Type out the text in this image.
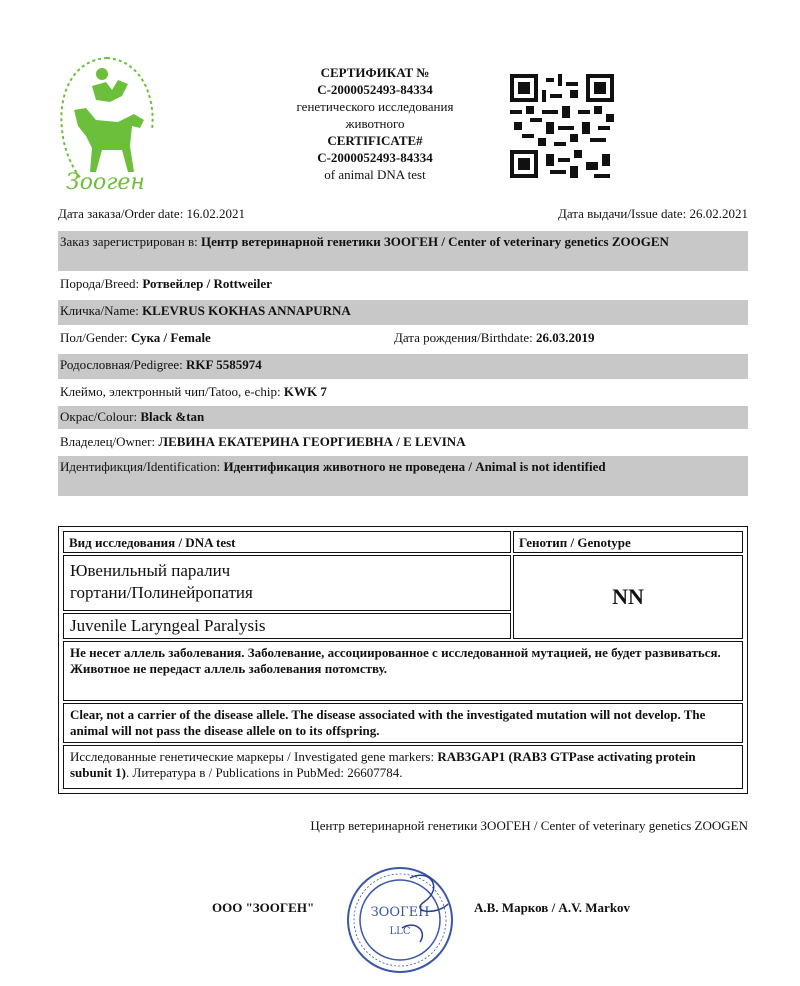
Зооген
СЕРТИФИКАТ №
С-2000052493-84334
генетического исследования
животного
CERTIFICATE#
С-2000052493-84334
of animal DNA test
Дата заказа/Order date: 16.02.2021	Дата выдачи/Issue date: 26.02.2021
Заказ зарегистрирован в: Центр ветеринарной генетики ЗООГЕН / Center of veterinary genetics ZOOGEN
Порода/Breed: Ротвейлер / Rottweiler
Кличка/Name: KLEVRUS KOKHAS ANNAPURNA
Пол/Gender: Сука / Female	Дата рождения/Birthdate: 26.03.2019
Родословная/Pedigree: RKF 5585974
Клеймо, электронный чип/Tatoo, e-chip: KWK 7
Окрас/Colour: Black &tan
Владелец/Owner: ЛЕВИНА ЕКАТЕРИНА ГЕОРГИЕВНА / E LEVINA
Идентификция/Identification: Идентификация животного не проведена / Animal is not identified
Вид исследования / DNA test	Генотип / Genotype
Ювенильный паралич
гортани/Полинейропатия
Juvenile Laryngeal Paralysis
NN
Не несет аллель заболевания. Заболевание, ассоциированное с исследованной мутацией, не будет развиваться. Животное не передаст аллель заболевания потомству.
Clear, not a carrier of the disease allele. The disease associated with the investigated mutation will not develop. The animal will not pass the disease allele on to its offspring.
Исследованные генетические маркеры / Investigated gene markers: RAB3GAP1 (RAB3 GTPase activating protein subunit 1). Литература в / Publications in PubMed: 26607784.
Центр ветеринарной генетики ЗООГЕН / Center of veterinary genetics ZOOGEN
ЗООГЕН
LLC
ООО "ЗООГЕН"	А.В. Марков / A.V. Markov
